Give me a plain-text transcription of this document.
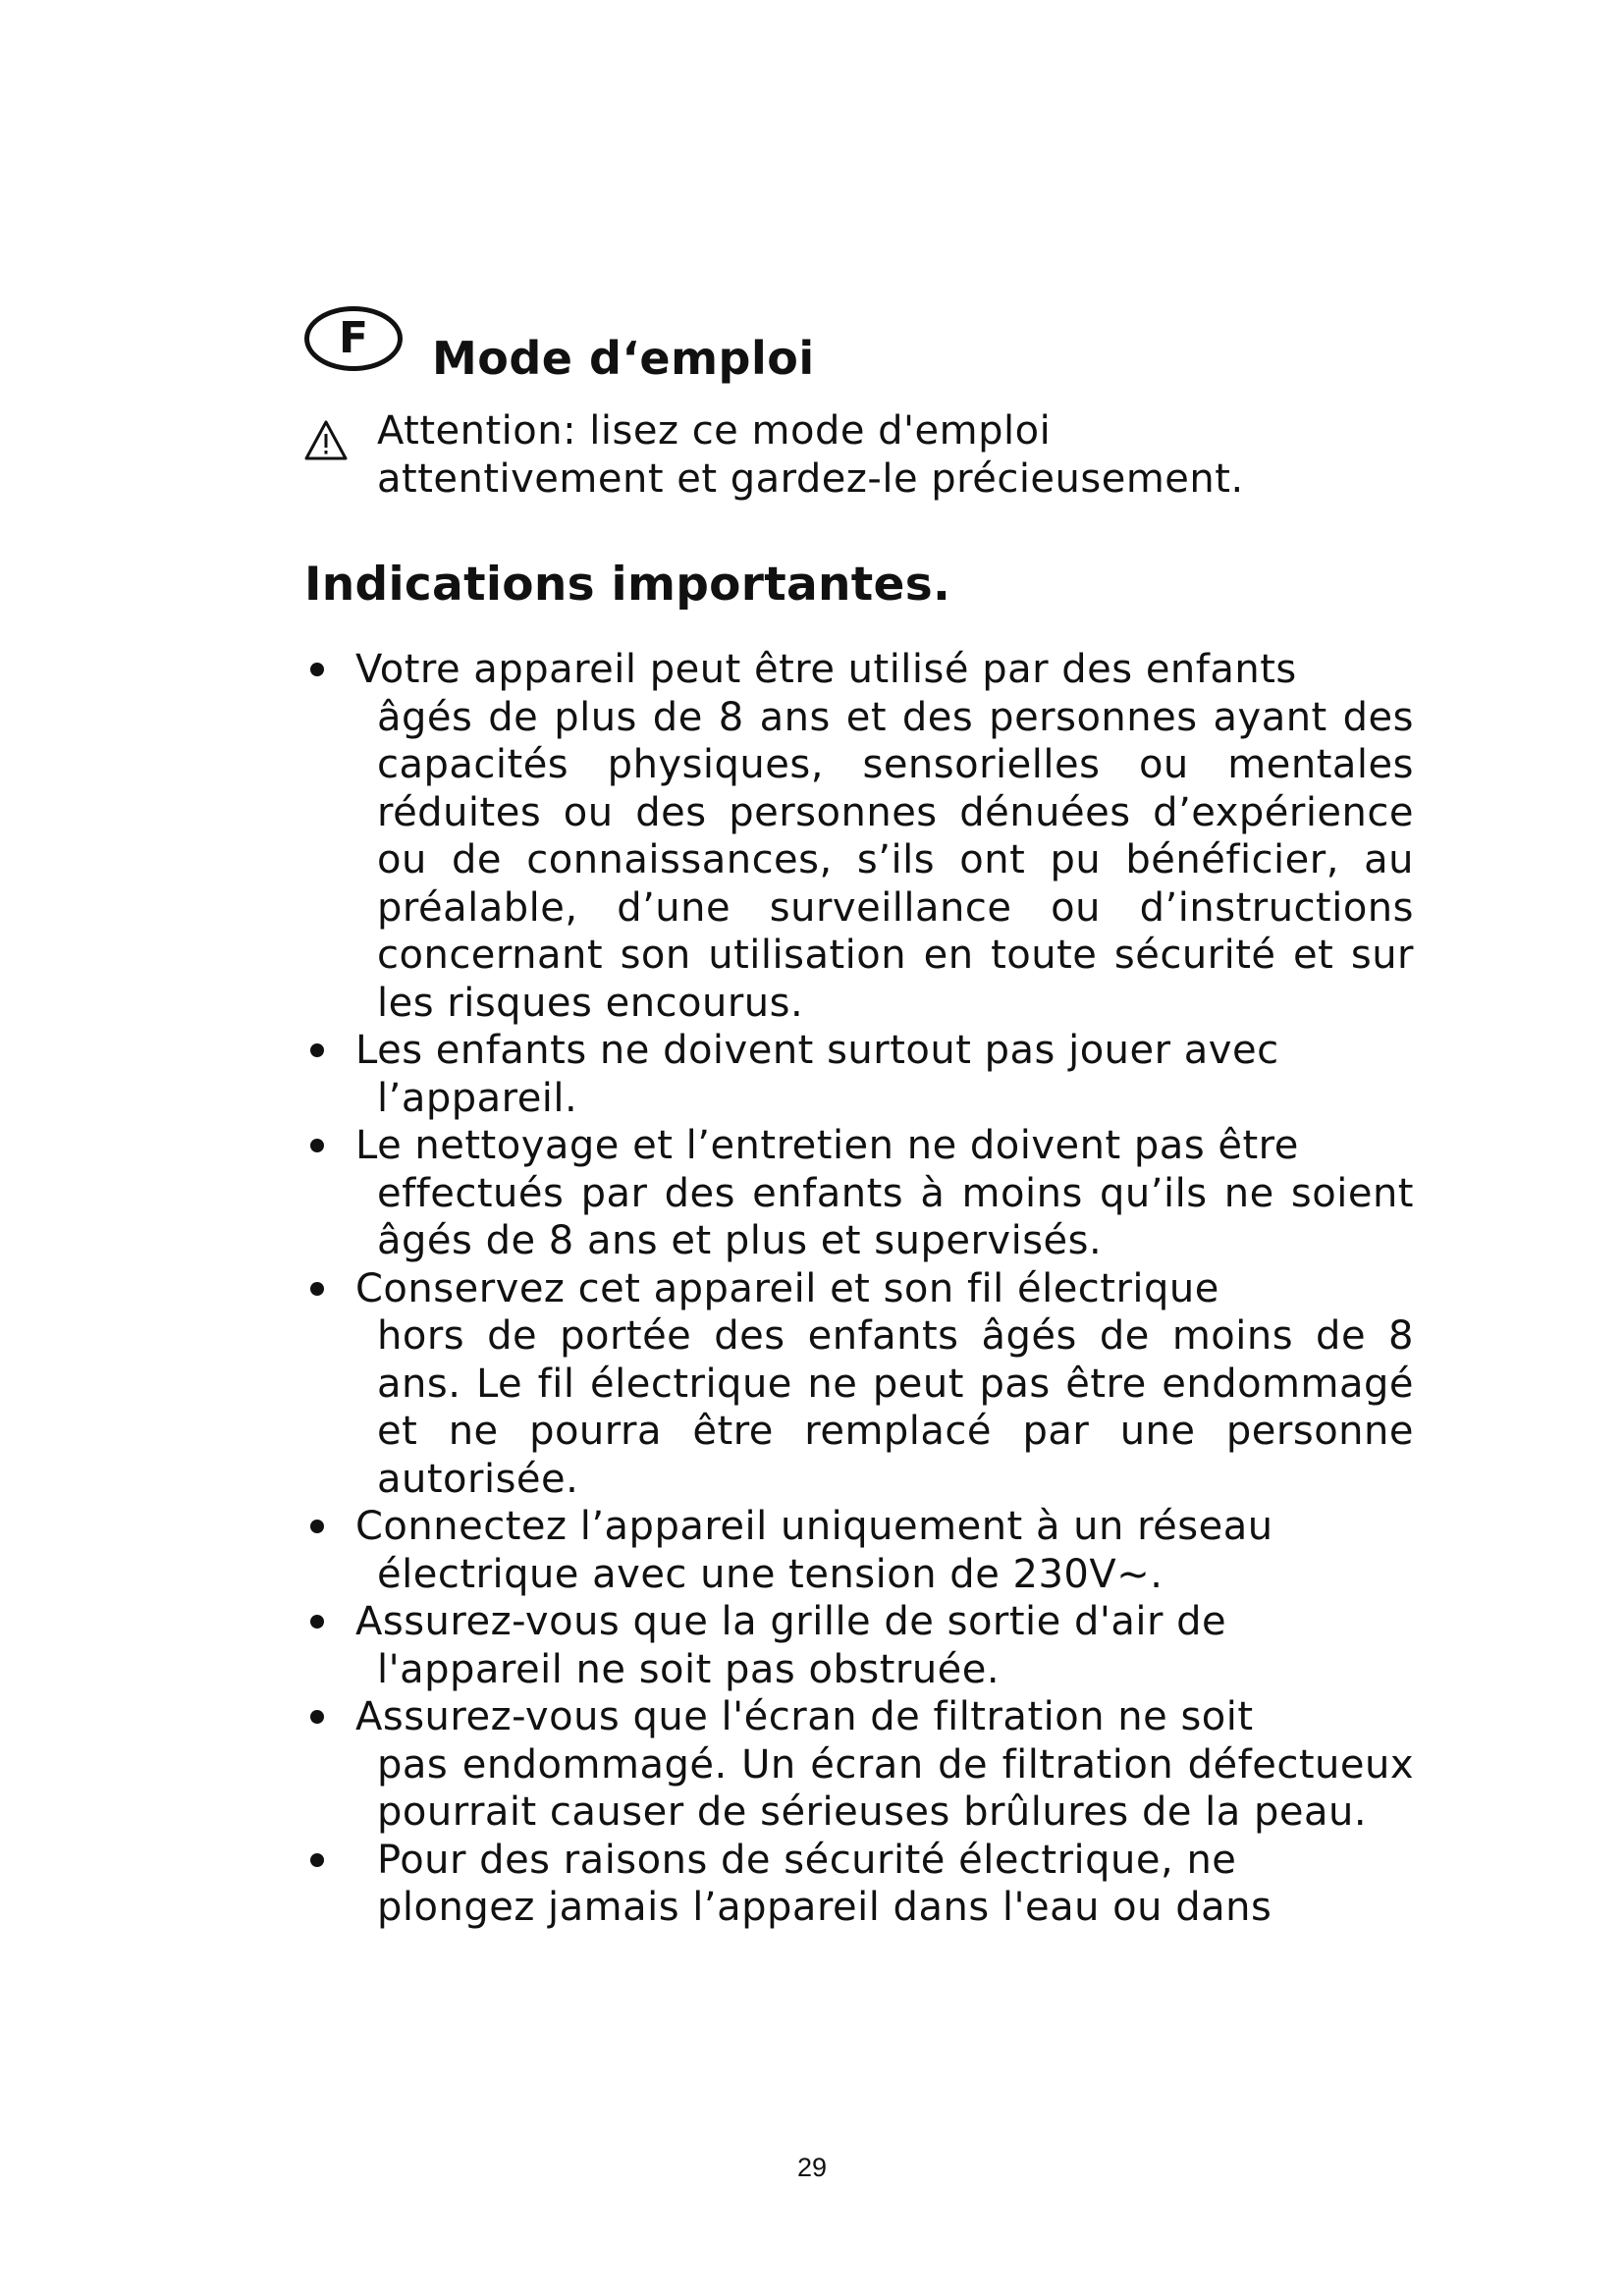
F Mode d‘emploi
Attention: lisez ce mode d'emploi
attentivement et gardez-le précieusement.
Indications importantes.
Votre appareil peut être utilisé par des enfants
âgés de plus de 8 ans et des personnes ayant des capacités physiques, sensorielles ou mentales réduites ou des personnes dénuées d’expérience ou de connaissances, s’ils ont pu bénéficier, au préalable, d’une surveillance ou d’instructions concernant son utilisation en toute sécurité et sur les risques encourus.
Les enfants ne doivent surtout pas jouer avec
l’appareil.
Le nettoyage et l’entretien ne doivent pas être
effectués par des enfants à moins qu’ils ne soient âgés de 8 ans et plus et supervisés.
Conservez cet appareil et son fil électrique
hors de portée des enfants âgés de moins de 8 ans. Le fil électrique ne peut pas être endommagé et ne pourra être remplacé par une personne autorisée.
Connectez l’appareil uniquement à un réseau
électrique avec une tension de 230V~.
Assurez-vous que la grille de sortie d'air de
l'appareil ne soit pas obstruée.
Assurez-vous que l'écran de filtration ne soit
pas endommagé. Un écran de filtration défectueux pourrait causer de sérieuses brûlures de la peau.
Pour des raisons de sécurité électrique, ne
plongez jamais l’appareil dans l'eau ou dans
29
